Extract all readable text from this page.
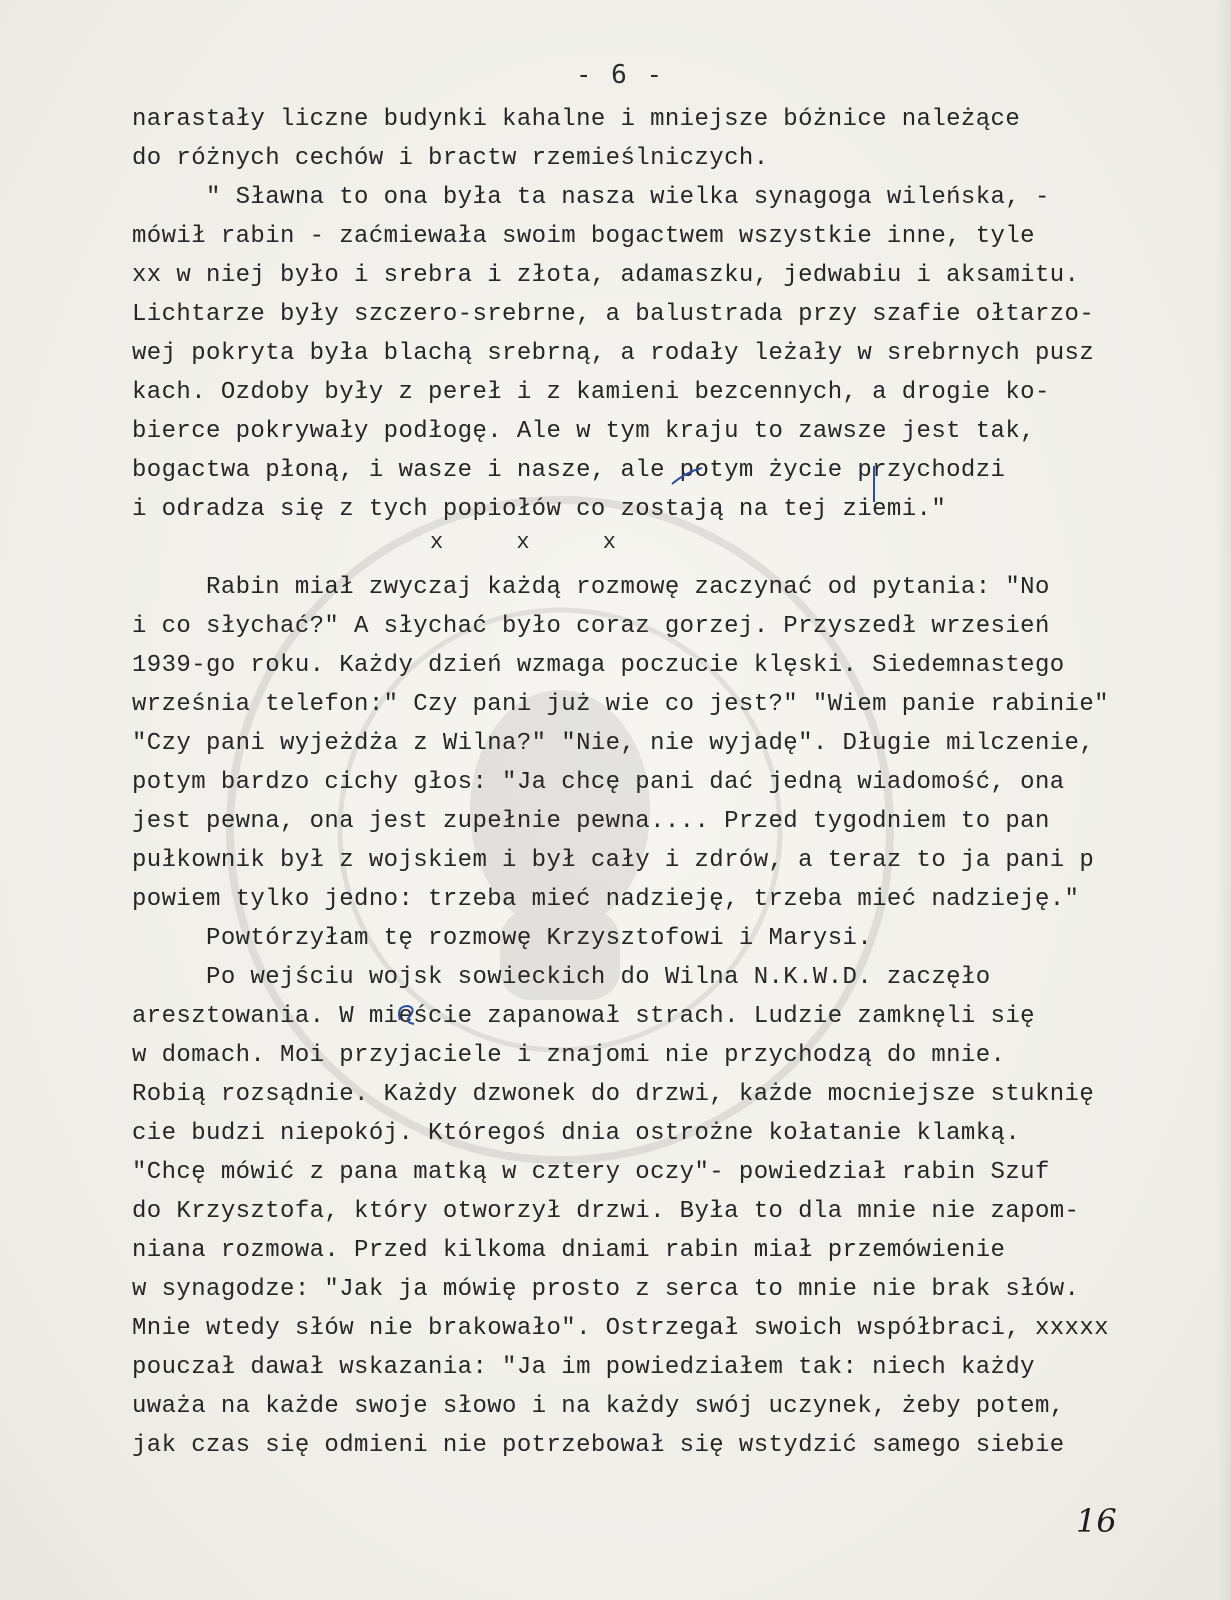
- 6 -
narastały liczne budynki kahalne i mniejsze bóżnice należące
do różnych cechów i bractw rzemieślniczych.
" Sławna to ona była ta nasza wielka synagoga wileńska, -
mówił rabin - zaćmiewała swoim bogactwem wszystkie inne, tyle
xx w niej było i srebra i złota, adamaszku, jedwabiu i aksamitu.
Lichtarze były szczero-srebrne, a balustrada przy szafie ołtarzo-
wej pokryta była blachą srebrną, a rodały leżały w srebrnych pusz
kach. Ozdoby były z pereł i z kamieni bezcennych, a drogie ko-
bierce pokrywały podłogę. Ale w tym kraju to zawsze jest tak,
bogactwa płoną, i wasze i nasze, ale potym życie przychodzi
i odradza się z tych popiołów co zostają na tej ziemi."
Rabin miał zwyczaj każdą rozmowę zaczynać od pytania: "No
i co słychać?" A słychać było coraz gorzej. Przyszedł wrzesień
1939-go roku. Każdy dzień wzmaga poczucie klęski. Siedemnastego
września telefon:" Czy pani już wie co jest?" "Wiem panie rabinie"
"Czy pani wyjeżdża z Wilna?" "Nie, nie wyjadę". Długie milczenie,
potym bardzo cichy głos: "Ja chcę pani dać jedną wiadomość, ona
jest pewna, ona jest zupełnie pewna.... Przed tygodniem to pan
pułkownik był z wojskiem i był cały i zdrów, a teraz to ja pani p
powiem tylko jedno: trzeba mieć nadzieję, trzeba mieć nadzieję."
Powtórzyłam tę rozmowę Krzysztofowi i Marysi.
Po wejściu wojsk sowieckich do Wilna N.K.W.D. zaczęło
aresztowania. W mieście zapanował strach. Ludzie zamknęli się
w domach. Moi przyjaciele i znajomi nie przychodzą do mnie.
Robią rozsądnie. Każdy dzwonek do drzwi, każde mocniejsze stuknię
cie budzi niepokój. Któregoś dnia ostrożne kołatanie klamką.
"Chcę mówić z pana matką w cztery oczy"- powiedział rabin Szuf
do Krzysztofa, który otworzył drzwi. Była to dla mnie nie zapom-
niana rozmowa. Przed kilkoma dniami rabin miał przemówienie
w synagodze: "Jak ja mówię prosto z serca to mnie nie brak słów.
Mnie wtedy słów nie brakowało". Ostrzegał swoich współbraci, xxxxx
pouczał dawał wskazania: "Ja im powiedziałem tak: niech każdy
uważa na każde swoje słowo i na każdy swój uczynek, żeby potem,
jak czas się odmieni nie potrzebował się wstydzić samego siebie
x x x
16
